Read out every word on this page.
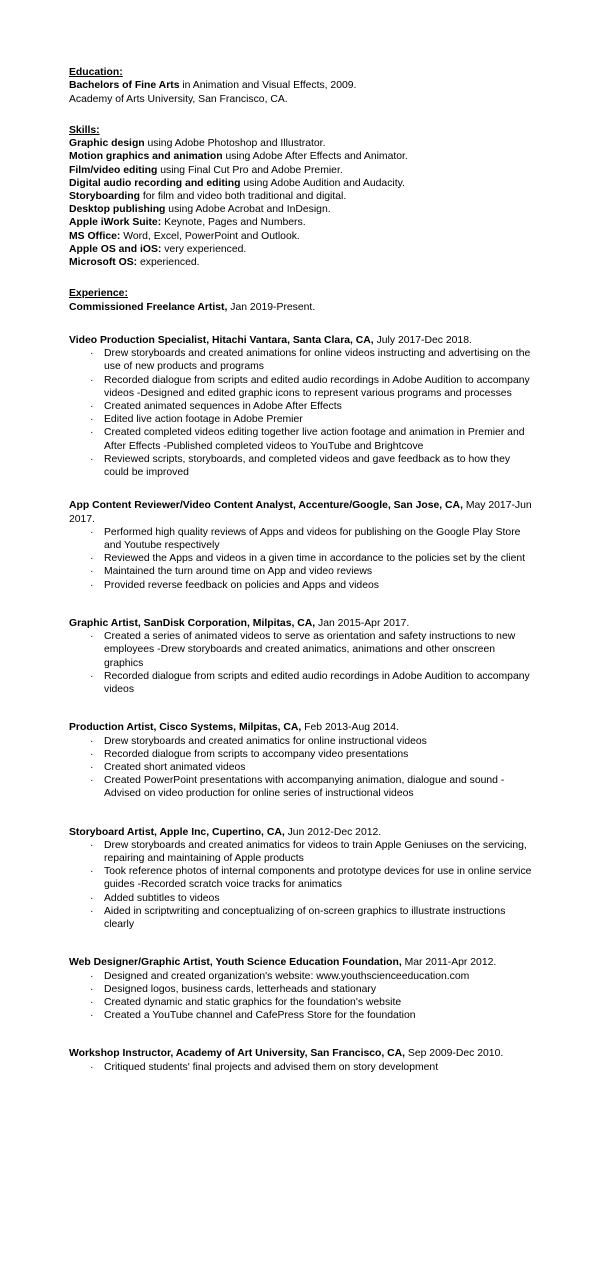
Education:

Bachelors of Fine Arts in Animation and Visual Effects, 2009.

Academy of Arts University, San Francisco, CA.

Skills:

Graphic design using Adobe Photoshop and Illustrator.

Motion graphics and animation using Adobe After Effects and Animator.

Film/video editing using Final Cut Pro and Adobe Premier.

Digital audio recording and editing using Adobe Audition and Audacity.

Storyboarding for film and video both traditional and digital.

Desktop publishing using Adobe Acrobat and InDesign.

Apple iWork Suite: Keynote, Pages and Numbers.

MS Office: Word, Excel, PowerPoint and Outlook.

Apple OS and iOS: very experienced.

Microsoft OS: experienced.

Experience:

Commissioned Freelance Artist, Jan 2019-Present.

Video Production Specialist, Hitachi Vantara, Santa Clara, CA, July 2017-Dec 2018.

· Drew storyboards and created animations for online videos instructing and advertising on the use of new products and programs
· Recorded dialogue from scripts and edited audio recordings in Adobe Audition to accompany videos -Designed and edited graphic icons to represent various programs and processes
· Created animated sequences in Adobe After Effects
· Edited live action footage in Adobe Premier
· Created completed videos editing together live action footage and animation in Premier and After Effects -Published completed videos to YouTube and Brightcove
· Reviewed scripts, storyboards, and completed videos and gave feedback as to how they could be improved

App Content Reviewer/Video Content Analyst, Accenture/Google, San Jose, CA, May 2017-Jun 2017.

· Performed high quality reviews of Apps and videos for publishing on the Google Play Store and Youtube respectively
· Reviewed the Apps and videos in a given time in accordance to the policies set by the client
· Maintained the turn around time on App and video reviews
· Provided reverse feedback on policies and Apps and videos

Graphic Artist, SanDisk Corporation, Milpitas, CA, Jan 2015-Apr 2017.

· Created a series of animated videos to serve as orientation and safety instructions to new employees -Drew storyboards and created animatics, animations and other onscreen graphics
· Recorded dialogue from scripts and edited audio recordings in Adobe Audition to accompany videos

Production Artist, Cisco Systems, Milpitas, CA, Feb 2013-Aug 2014.

· Drew storyboards and created animatics for online instructional videos
· Recorded dialogue from scripts to accompany video presentations
· Created short animated videos
· Created PowerPoint presentations with accompanying animation, dialogue and sound -Advised on video production for online series of instructional videos

Storyboard Artist, Apple Inc, Cupertino, CA, Jun 2012-Dec 2012.

· Drew storyboards and created animatics for videos to train Apple Geniuses on the servicing, repairing and maintaining of Apple products
· Took reference photos of internal components and prototype devices for use in online service guides -Recorded scratch voice tracks for animatics
· Added subtitles to videos
· Aided in scriptwriting and conceptualizing of on-screen graphics to illustrate instructions clearly

Web Designer/Graphic Artist, Youth Science Education Foundation, Mar 2011-Apr 2012.

· Designed and created organization's website: www.youthscienceeducation.com
· Designed logos, business cards, letterheads and stationary
· Created dynamic and static graphics for the foundation's website
· Created a YouTube channel and CafePress Store for the foundation

Workshop Instructor, Academy of Art University, San Francisco, CA, Sep 2009-Dec 2010.

· Critiqued students' final projects and advised them on story development
